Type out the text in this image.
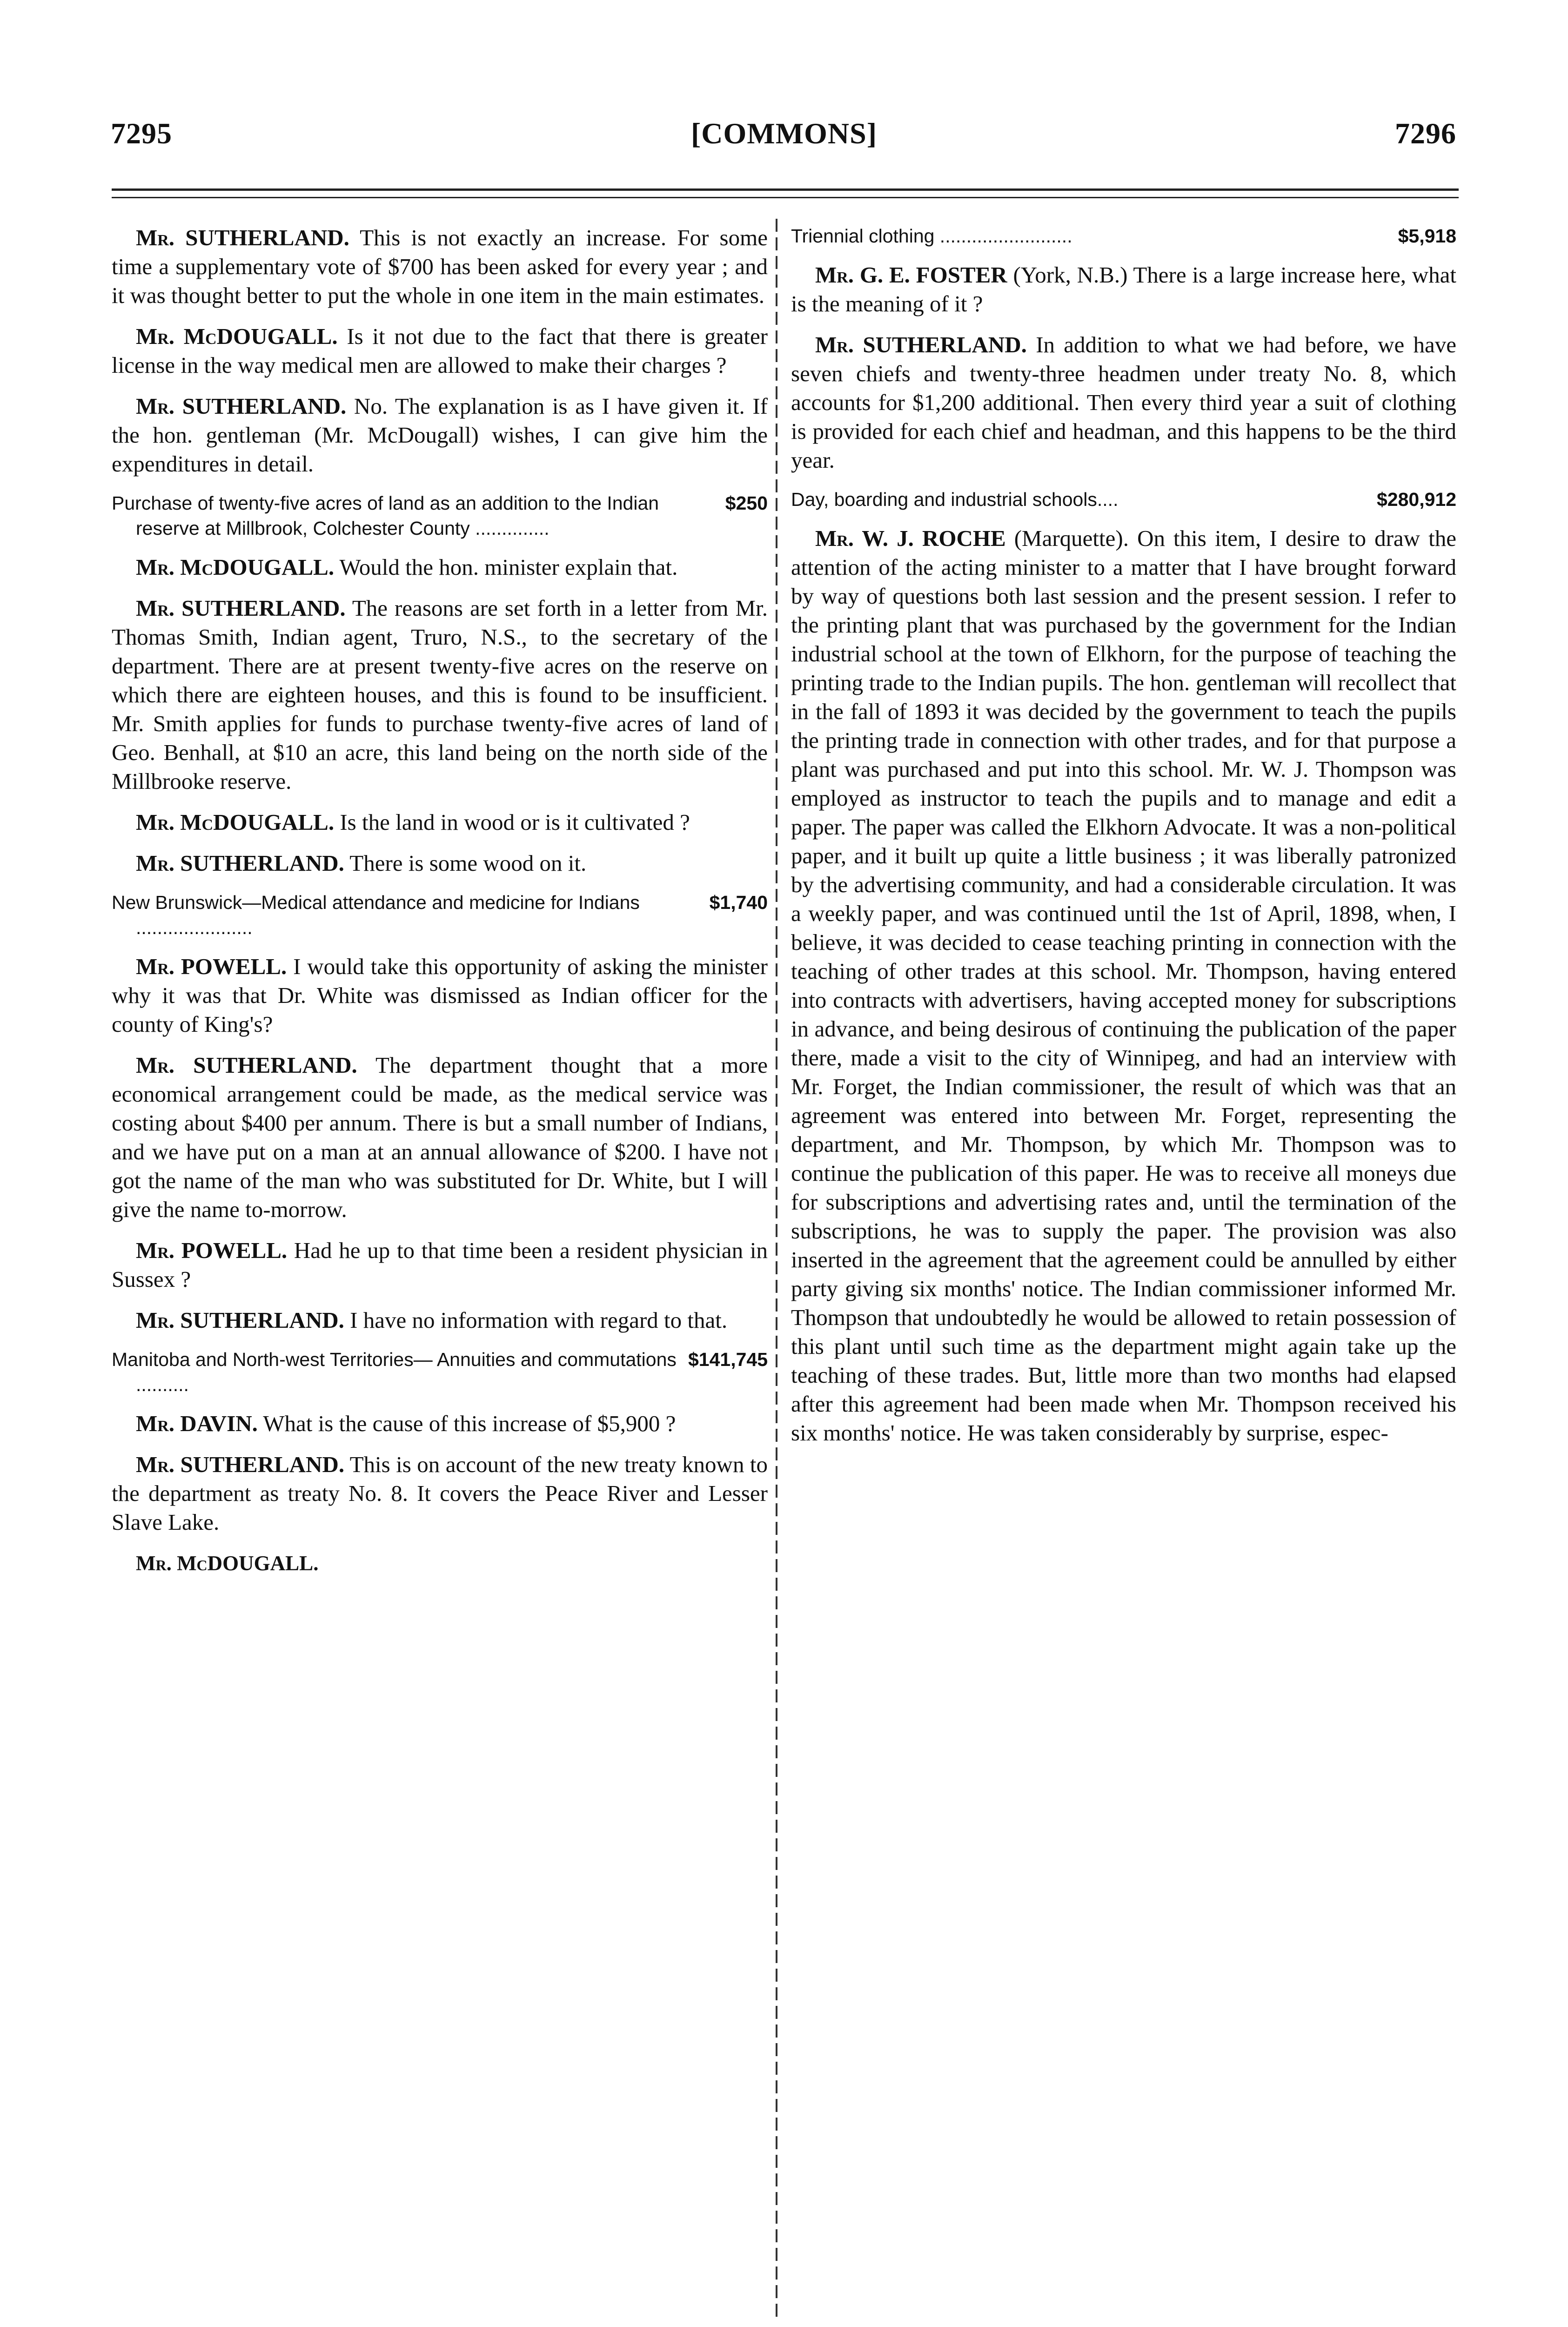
7295	[COMMONS]	7296

Mr. SUTHERLAND. This is not exactly an increase. For some time a supplementary vote of $700 has been asked for every year ; and it was thought better to put the whole in one item in the main estimates.

Mr. McDOUGALL. Is it not due to the fact that there is greater license in the way medical men are allowed to make their charges ?

Mr. SUTHERLAND. No. The explanation is as I have given it. If the hon. gentleman (Mr. McDougall) wishes, I can give him the expenditures in detail.

$250
Purchase of twenty-five acres of land as an addition to the Indian reserve at Millbrook, Colchester County ..............

Mr. McDOUGALL. Would the hon. minister explain that.

Mr. SUTHERLAND. The reasons are set forth in a letter from Mr. Thomas Smith, Indian agent, Truro, N.S., to the secretary of the department. There are at present twenty-five acres on the reserve on which there are eighteen houses, and this is found to be insufficient. Mr. Smith applies for funds to purchase twenty-five acres of land of Geo. Benhall, at $10 an acre, this land being on the north side of the Millbrooke reserve.

Mr. McDOUGALL. Is the land in wood or is it cultivated ?

Mr. SUTHERLAND. There is some wood on it.

$1,740
New Brunswick—Medical attendance and medicine for Indians ......................

Mr. POWELL. I would take this opportunity of asking the minister why it was that Dr. White was dismissed as Indian officer for the county of King's?

Mr. SUTHERLAND. The department thought that a more economical arrangement could be made, as the medical service was costing about $400 per annum. There is but a small number of Indians, and we have put on a man at an annual allowance of $200. I have not got the name of the man who was substituted for Dr. White, but I will give the name to-morrow.

Mr. POWELL. Had he up to that time been a resident physician in Sussex ?

Mr. SUTHERLAND. I have no information with regard to that.

$141,745
Manitoba and North-west Territories— Annuities and commutations ..........

Mr. DAVIN. What is the cause of this increase of $5,900 ?

Mr. SUTHERLAND. This is on account of the new treaty known to the department as treaty No. 8. It covers the Peace River and Lesser Slave Lake.

Mr. McDOUGALL.
$5,918
Triennial clothing .........................

Mr. G. E. FOSTER (York, N.B.) There is a large increase here, what is the meaning of it ?

Mr. SUTHERLAND. In addition to what we had before, we have seven chiefs and twenty-three headmen under treaty No. 8, which accounts for $1,200 additional. Then every third year a suit of clothing is provided for each chief and headman, and this happens to be the third year.

$280,912
Day, boarding and industrial schools....

Mr. W. J. ROCHE (Marquette). On this item, I desire to draw the attention of the acting minister to a matter that I have brought forward by way of questions both last session and the present session. I refer to the printing plant that was purchased by the government for the Indian industrial school at the town of Elkhorn, for the purpose of teaching the printing trade to the Indian pupils. The hon. gentleman will recollect that in the fall of 1893 it was decided by the government to teach the pupils the printing trade in connection with other trades, and for that purpose a plant was purchased and put into this school. Mr. W. J. Thompson was employed as instructor to teach the pupils and to manage and edit a paper. The paper was called the Elkhorn Advocate. It was a non-political paper, and it built up quite a little business ; it was liberally patronized by the advertising community, and had a considerable circulation. It was a weekly paper, and was continued until the 1st of April, 1898, when, I believe, it was decided to cease teaching printing in connection with the teaching of other trades at this school. Mr. Thompson, having entered into contracts with advertisers, having accepted money for subscriptions in advance, and being desirous of continuing the publication of the paper there, made a visit to the city of Winnipeg, and had an interview with Mr. Forget, the Indian commissioner, the result of which was that an agreement was entered into between Mr. Forget, representing the department, and Mr. Thompson, by which Mr. Thompson was to continue the publication of this paper. He was to receive all moneys due for subscriptions and advertising rates and, until the termination of the subscriptions, he was to supply the paper. The provision was also inserted in the agreement that the agreement could be annulled by either party giving six months' notice. The Indian commissioner informed Mr. Thompson that undoubtedly he would be allowed to retain possession of this plant until such time as the department might again take up the teaching of these trades. But, little more than two months had elapsed after this agreement had been made when Mr. Thompson received his six months' notice. He was taken considerably by surprise, espec-
